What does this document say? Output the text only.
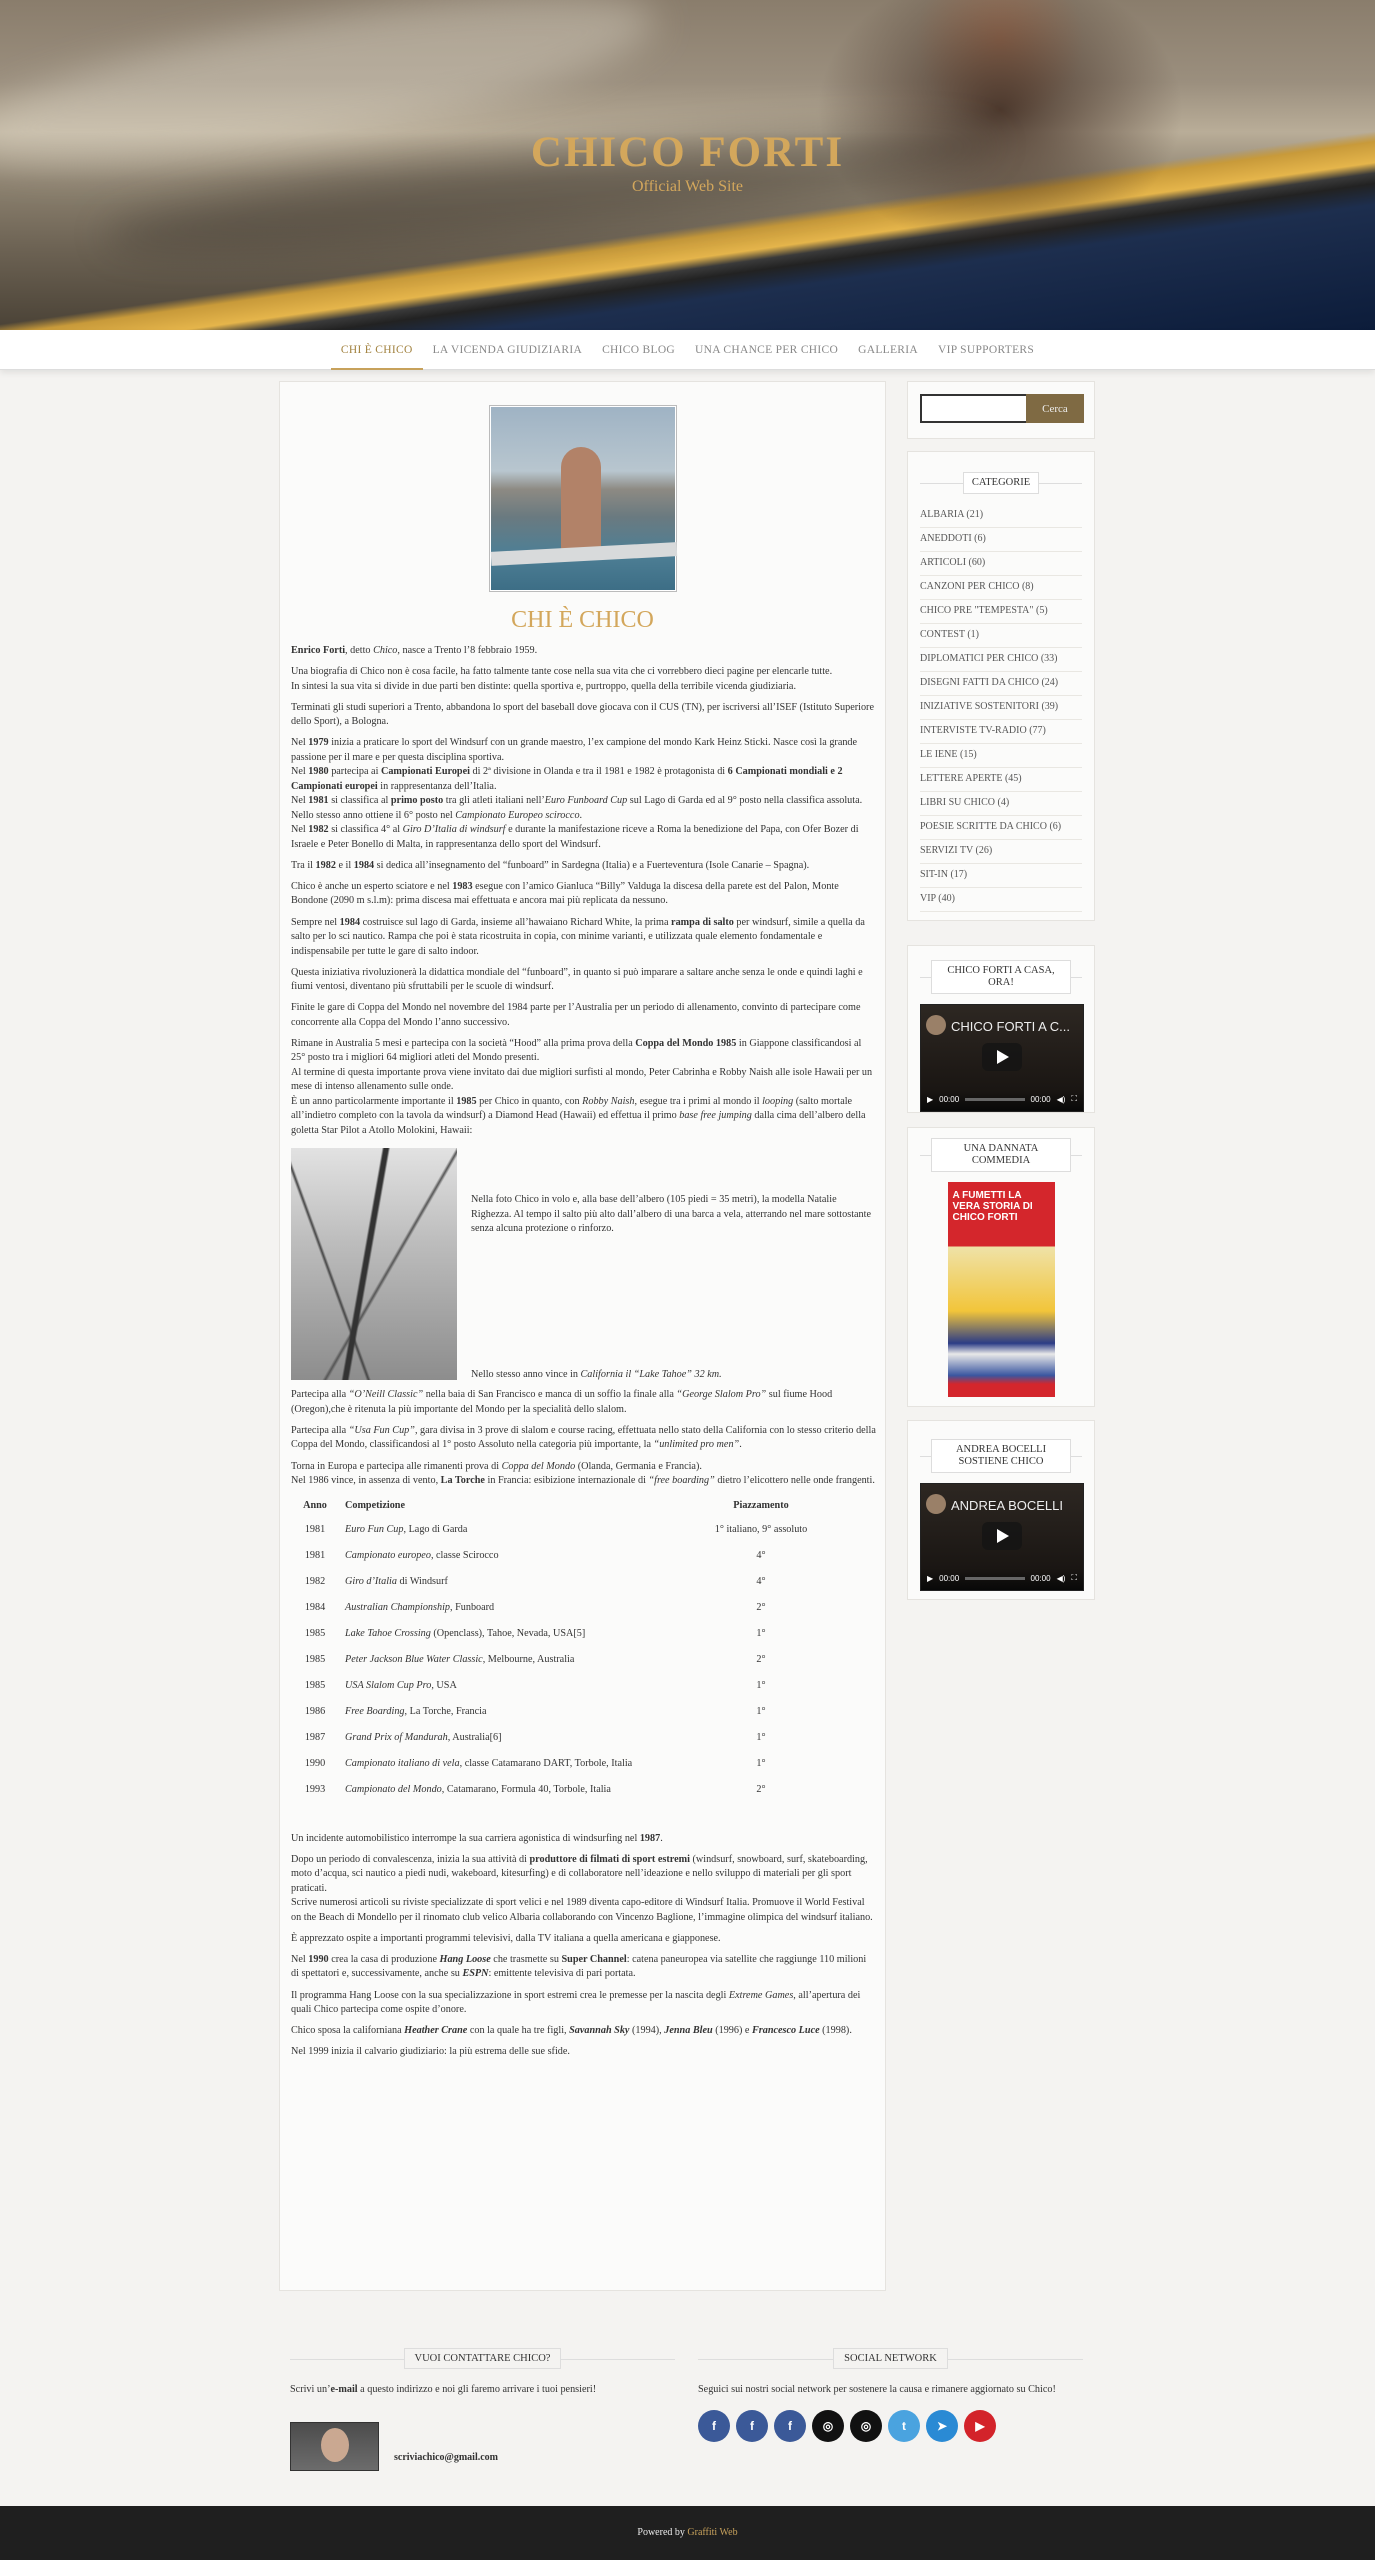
CHICO FORTI
Official Web Site
CHI È CHICO	LA VICENDA GIUDIZIARIA	CHICO BLOG	UNA CHANCE PER CHICO	GALLERIA	VIP SUPPORTERS
CHI È CHICO

Enrico Forti, detto Chico, nasce a Trento l’8 febbraio 1959.

Una biografia di Chico non è cosa facile, ha fatto talmente tante cose nella sua vita che ci vorrebbero dieci pagine per elencarle tutte.
In sintesi la sua vita si divide in due parti ben distinte: quella sportiva e, purtroppo, quella della terribile vicenda giudiziaria.

Terminati gli studi superiori a Trento, abbandona lo sport del baseball dove giocava con il CUS (TN), per iscriversi all’ISEF (Istituto Superiore dello Sport), a Bologna.

Nel 1979 inizia a praticare lo sport del Windsurf con un grande maestro, l’ex campione del mondo Kark Heinz Sticki. Nasce così la grande passione per il mare e per questa disciplina sportiva.
Nel 1980 partecipa ai Campionati Europei di 2ª divisione in Olanda e tra il 1981 e 1982 è protagonista di 6 Campionati mondiali e 2 Campionati europei in rappresentanza dell’Italia.
Nel 1981 si classifica al primo posto tra gli atleti italiani nell’Euro Funboard Cup sul Lago di Garda ed al 9° posto nella classifica assoluta. Nello stesso anno ottiene il 6° posto nel Campionato Europeo scirocco.
Nel 1982 si classifica 4° al Giro D’Italia di windsurf e durante la manifestazione riceve a Roma la benedizione del Papa, con Ofer Bozer di Israele e Peter Bonello di Malta, in rappresentanza dello sport del Windsurf.

Tra il 1982 e il 1984 si dedica all’insegnamento del “funboard” in Sardegna (Italia) e a Fuerteventura (Isole Canarie – Spagna).

Chico è anche un esperto sciatore e nel 1983 esegue con l’amico Gianluca “Billy” Valduga la discesa della parete est del Palon, Monte Bondone (2090 m s.l.m): prima discesa mai effettuata e ancora mai più replicata da nessuno.

Sempre nel 1984 costruisce sul lago di Garda, insieme all’hawaiano Richard White, la prima rampa di salto per windsurf, simile a quella da salto per lo sci nautico. Rampa che poi è stata ricostruita in copia, con minime varianti, e utilizzata quale elemento fondamentale e indispensabile per tutte le gare di salto indoor.

Questa iniziativa rivoluzionerà la didattica mondiale del “funboard”, in quanto si può imparare a saltare anche senza le onde e quindi laghi e fiumi ventosi, diventano più sfruttabili per le scuole di windsurf.

Finite le gare di Coppa del Mondo nel novembre del 1984 parte per l’Australia per un periodo di allenamento, convinto di partecipare come concorrente alla Coppa del Mondo l’anno successivo.

Rimane in Australia 5 mesi e partecipa con la società “Hood” alla prima prova della Coppa del Mondo 1985 in Giappone classificandosi al 25° posto tra i migliori 64 migliori atleti del Mondo presenti.
Al termine di questa importante prova viene invitato dai due migliori surfisti al mondo, Peter Cabrinha e Robby Naish alle isole Hawaii per un mese di intenso allenamento sulle onde.
È un anno particolarmente importante il 1985 per Chico in quanto, con Robby Naish, esegue tra i primi al mondo il looping (salto mortale all’indietro completo con la tavola da windsurf) a Diamond Head (Hawaii) ed effettua il primo base free jumping dalla cima dell’albero della goletta Star Pilot a Atollo Molokini, Hawaii:

Nella foto Chico in volo e, alla base dell’albero (105 piedi = 35 metri), la modella Natalie Righezza. Al tempo il salto più alto dall’albero di una barca a vela, atterrando nel mare sottostante senza alcuna protezione o rinforzo.
Nello stesso anno vince in California il “Lake Tahoe” 32 km.

Partecipa alla “O’Neill Classic” nella baia di San Francisco e manca di un soffio la finale alla “George Slalom Pro” sul fiume Hood (Oregon),che è ritenuta la più importante del Mondo per la specialità dello slalom.

Partecipa alla “Usa Fun Cup”, gara divisa in 3 prove di slalom e course racing, effettuata nello stato della California con lo stesso criterio della Coppa del Mondo, classificandosi al 1° posto Assoluto nella categoria più importante, la “unlimited pro men”.

Torna in Europa e partecipa alle rimanenti prova di Coppa del Mondo (Olanda, Germania e Francia).
Nel 1986 vince, in assenza di vento, La Torche in Francia: esibizione internazionale di “free boarding” dietro l’elicottero nelle onde frangenti.

Anno	Competizione	Piazzamento
1981	Euro Fun Cup, Lago di Garda	1° italiano, 9° assoluto
1981	Campionato europeo, classe Scirocco	4°
1982	Giro d’Italia di Windsurf	4°
1984	Australian Championship, Funboard	2°
1985	Lake Tahoe Crossing (Openclass), Tahoe, Nevada, USA[5]	1°
1985	Peter Jackson Blue Water Classic, Melbourne, Australia	2°
1985	USA Slalom Cup Pro, USA	1°
1986	Free Boarding, La Torche, Francia	1°
1987	Grand Prix of Mandurah, Australia[6]	1°
1990	Campionato italiano di vela, classe Catamarano DART, Torbole, Italia	1°
1993	Campionato del Mondo, Catamarano, Formula 40, Torbole, Italia	2°

Un incidente automobilistico interrompe la sua carriera agonistica di windsurfing nel 1987.

Dopo un periodo di convalescenza, inizia la sua attività di produttore di filmati di sport estremi (windsurf, snowboard, surf, skateboarding, moto d’acqua, sci nautico a piedi nudi, wakeboard, kitesurfing) e di collaboratore nell’ideazione e nello sviluppo di materiali per gli sport praticati.
Scrive numerosi articoli su riviste specializzate di sport velici e nel 1989 diventa capo-editore di Windsurf Italia. Promuove il World Festival on the Beach di Mondello per il rinomato club velico Albaria collaborando con Vincenzo Baglione, l’immagine olimpica del windsurf italiano.

È apprezzato ospite a importanti programmi televisivi, dalla TV italiana a quella americana e giapponese.

Nel 1990 crea la casa di produzione Hang Loose che trasmette su Super Channel: catena paneuropea via satellite che raggiunge 110 milioni di spettatori e, successivamente, anche su ESPN: emittente televisiva di pari portata.

Il programma Hang Loose con la sua specializzazione in sport estremi crea le premesse per la nascita degli Extreme Games, all’apertura dei quali Chico partecipa come ospite d’onore.

Chico sposa la californiana Heather Crane con la quale ha tre figli, Savannah Sky (1994), Jenna Bleu (1996) e Francesco Luce (1998).

Nel 1999 inizia il calvario giudiziario: la più estrema delle sue sfide.

Cerca
CATEGORIE
ALBARIA (21)
ANEDDOTI (6)
ARTICOLI (60)
CANZONI PER CHICO (8)
CHICO PRE "TEMPESTA" (5)
CONTEST (1)
DIPLOMATICI PER CHICO (33)
DISEGNI FATTI DA CHICO (24)
INIZIATIVE SOSTENITORI (39)
INTERVISTE TV-RADIO (77)
LE IENE (15)
LETTERE APERTE (45)
LIBRI SU CHICO (4)
POESIE SCRITTE DA CHICO (6)
SERVIZI TV (26)
SIT-IN (17)
VIP (40)
CHICO FORTI A CASA, ORA!
CHICO FORTI A C...
▶ 00:00	00:00 ◀) ⛶
UNA DANNATA COMMEDIA
A FUMETTI LA VERA STORIA DI CHICO FORTI
ANDREA BOCELLI SOSTIENE CHICO
ANDREA BOCELLI
▶ 00:00	00:00 ◀) ⛶
VUOI CONTATTARE CHICO?

Scrivi un’e-mail a questo indirizzo e noi gli faremo arrivare i tuoi pensieri!

scriviachico@gmail.com
SOCIAL NETWORK

Seguici sui nostri social network per sostenere la causa e rimanere aggiornato su Chico!

f	f	f	◎	◎	t	➤	▶
Powered by Graffiti Web
